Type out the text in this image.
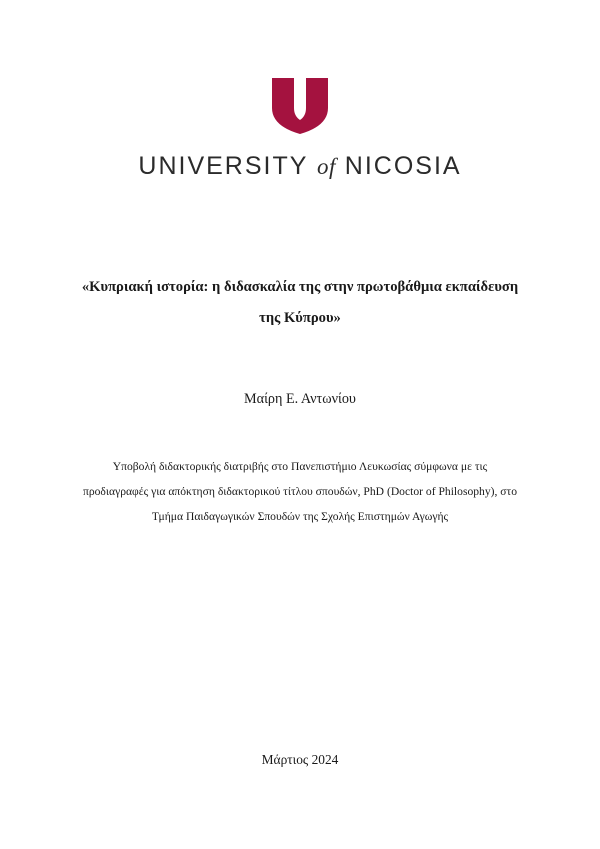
UNIVERSITY of NICOSIA
«Κυπριακή ιστορία: η διδασκαλία της στην πρωτοβάθμια εκπαίδευση της Κύπρου»
Μαίρη Ε. Αντωνίου
Υποβολή διδακτορικής διατριβής στο Πανεπιστήμιο Λευκωσίας σύμφωνα με τις προδιαγραφές για απόκτηση διδακτορικού τίτλου σπουδών, PhD (Doctor of Philosophy), στο Τμήμα Παιδαγωγικών Σπουδών της Σχολής Επιστημών Αγωγής
Μάρτιος 2024
